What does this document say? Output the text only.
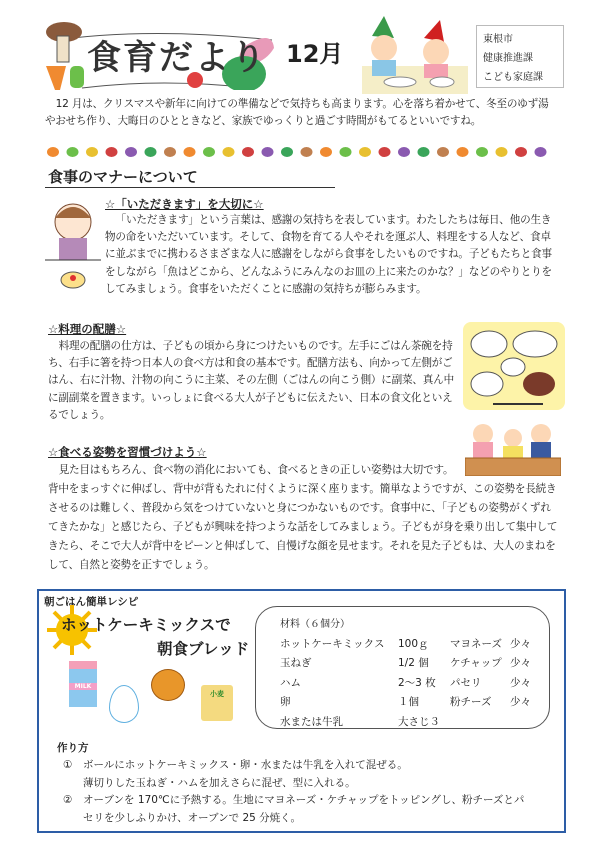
食育だより 12月
東根市
健康推進課
こども家庭課
12 月は、クリスマスや新年に向けての準備などで気持ちも高まります。心を落ち着かせて、冬至のゆず湯やおせち作り、大晦日のひとときなど、家族でゆっくりと過ごす時間がもてるといいですね。
食事のマナーについて
☆「いただきます」を大切に☆
「いただきます」という言葉は、感謝の気持ちを表しています。わたしたちは毎日、他の生き物の命をいただいています。そして、食物を育てる人やそれを運ぶ人、料理をする人など、食卓に並ぶまでに携わるさまざまな人に感謝をしながら食事をしたいものですね。子どもたちと食事をしながら「魚はどこから、どんなふうにみんなのお皿の上に来たのかな？」などのやりとりをしてみましょう。食事をいただくことに感謝の気持ちが膨らみます。
☆料理の配膳☆
料理の配膳の仕方は、子どもの頃から身につけたいものです。左手にごはん茶碗を持ち、右手に箸を持つ日本人の食べ方は和食の基本です。配膳方法も、向かって左側がごはん、右に汁物、汁物の向こうに主菜、その左側（ごはんの向こう側）に副菜、真ん中に副副菜を置きます。いっしょに食べる大人が子どもに伝えたい、日本の食文化といえるでしょう。
☆食べる姿勢を習慣づけよう☆
見た目はもちろん、食べ物の消化においても、食べるときの正しい姿勢は大切です。
背中をまっすぐに伸ばし、背中が背もたれに付くように深く座ります。簡単なようですが、この姿勢を長続きさせるのは難しく、普段から気をつけていないと身につかないものです。食事中に、「子どもの姿勢がくずれてきたかな」と感じたら、子どもが興味を持つような話をしてみましょう。子どもが身を乗り出して集中してきたら、そこで大人が背中をピーンと伸ばして、自慢げな顔を見せます。それを見た子どもは、大人のまねをして、自然と姿勢を正すでしょう。
朝ごはん簡単レシピ
ホットケーキミックスで
朝食ブレッド
MILK
小麦
材料（６個分）
ホットケーキミックス	100ｇ	マヨネーズ	少々
玉ねぎ	1/2 個	ケチャップ	少々
ハム	2～3 枚	パセリ	少々
卵	１個	粉チーズ	少々
水または牛乳	大さじ３		
作り方
① ボールにホットケーキミックス・卵・水または牛乳を入れて混ぜる。
薄切りした玉ねぎ・ハムを加えさらに混ぜ、型に入れる。
② オーブンを 170℃に予熱する。生地にマヨネーズ・ケチャップをトッピングし、粉チーズとパ
セリを少しふりかけ、オーブンで 25 分焼く。
